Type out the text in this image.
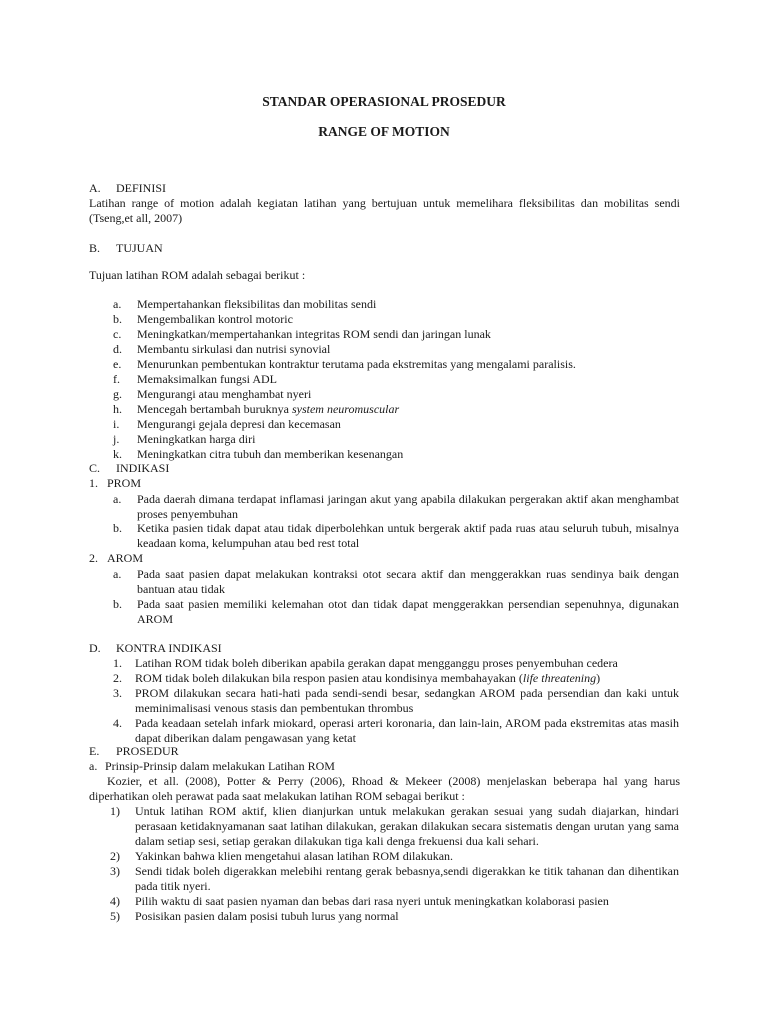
STANDAR OPERASIONAL PROSEDUR
RANGE OF MOTION
A. DEFINISI
Latihan range of motion adalah kegiatan latihan yang bertujuan untuk memelihara fleksibilitas dan mobilitas sendi (Tseng,et all, 2007)
B. TUJUAN
Tujuan latihan ROM adalah sebagai berikut :
a. Mempertahankan fleksibilitas dan mobilitas sendi
b. Mengembalikan kontrol motoric
c. Meningkatkan/mempertahankan integritas ROM sendi dan jaringan lunak
d. Membantu sirkulasi dan nutrisi synovial
e. Menurunkan pembentukan kontraktur terutama pada ekstremitas yang mengalami paralisis.
f. Memaksimalkan fungsi ADL
g. Mengurangi atau menghambat nyeri
h. Mencegah bertambah buruknya system neuromuscular
i. Mengurangi gejala depresi dan kecemasan
j. Meningkatkan harga diri
k. Meningkatkan citra tubuh dan memberikan kesenangan
C. INDIKASI
1. PROM
a. Pada daerah dimana terdapat inflamasi jaringan akut yang apabila dilakukan pergerakan aktif akan menghambat proses penyembuhan
b. Ketika pasien tidak dapat atau tidak diperbolehkan untuk bergerak aktif pada ruas atau seluruh tubuh, misalnya keadaan koma, kelumpuhan atau bed rest total
2. AROM
a. Pada saat pasien dapat melakukan kontraksi otot secara aktif dan menggerakkan ruas sendinya baik dengan bantuan atau tidak
b. Pada saat pasien memiliki kelemahan otot dan tidak dapat menggerakkan persendian sepenuhnya, digunakan AROM
D. KONTRA INDIKASI
1. Latihan ROM tidak boleh diberikan apabila gerakan dapat mengganggu proses penyembuhan cedera
2. ROM tidak boleh dilakukan bila respon pasien atau kondisinya membahayakan (life threatening)
3. PROM dilakukan secara hati-hati pada sendi-sendi besar, sedangkan AROM pada persendian dan kaki untuk meminimalisasi venous stasis dan pembentukan thrombus
4. Pada keadaan setelah infark miokard, operasi arteri koronaria, dan lain-lain, AROM pada ekstremitas atas masih dapat diberikan dalam pengawasan yang ketat
E. PROSEDUR
a. Prinsip-Prinsip dalam melakukan Latihan ROM
Kozier, et all. (2008), Potter & Perry (2006), Rhoad & Mekeer (2008) menjelaskan beberapa hal yang harus diperhatikan oleh perawat pada saat melakukan latihan ROM sebagai berikut :
1) Untuk latihan ROM aktif, klien dianjurkan untuk melakukan gerakan sesuai yang sudah diajarkan, hindari perasaan ketidaknyamanan saat latihan dilakukan, gerakan dilakukan secara sistematis dengan urutan yang sama dalam setiap sesi, setiap gerakan dilakukan tiga kali denga frekuensi dua kali sehari.
2) Yakinkan bahwa klien mengetahui alasan latihan ROM dilakukan.
3) Sendi tidak boleh digerakkan melebihi rentang gerak bebasnya,sendi digerakkan ke titik tahanan dan dihentikan pada titik nyeri.
4) Pilih waktu di saat pasien nyaman dan bebas dari rasa nyeri untuk meningkatkan kolaborasi pasien
5) Posisikan pasien dalam posisi tubuh lurus yang normal
